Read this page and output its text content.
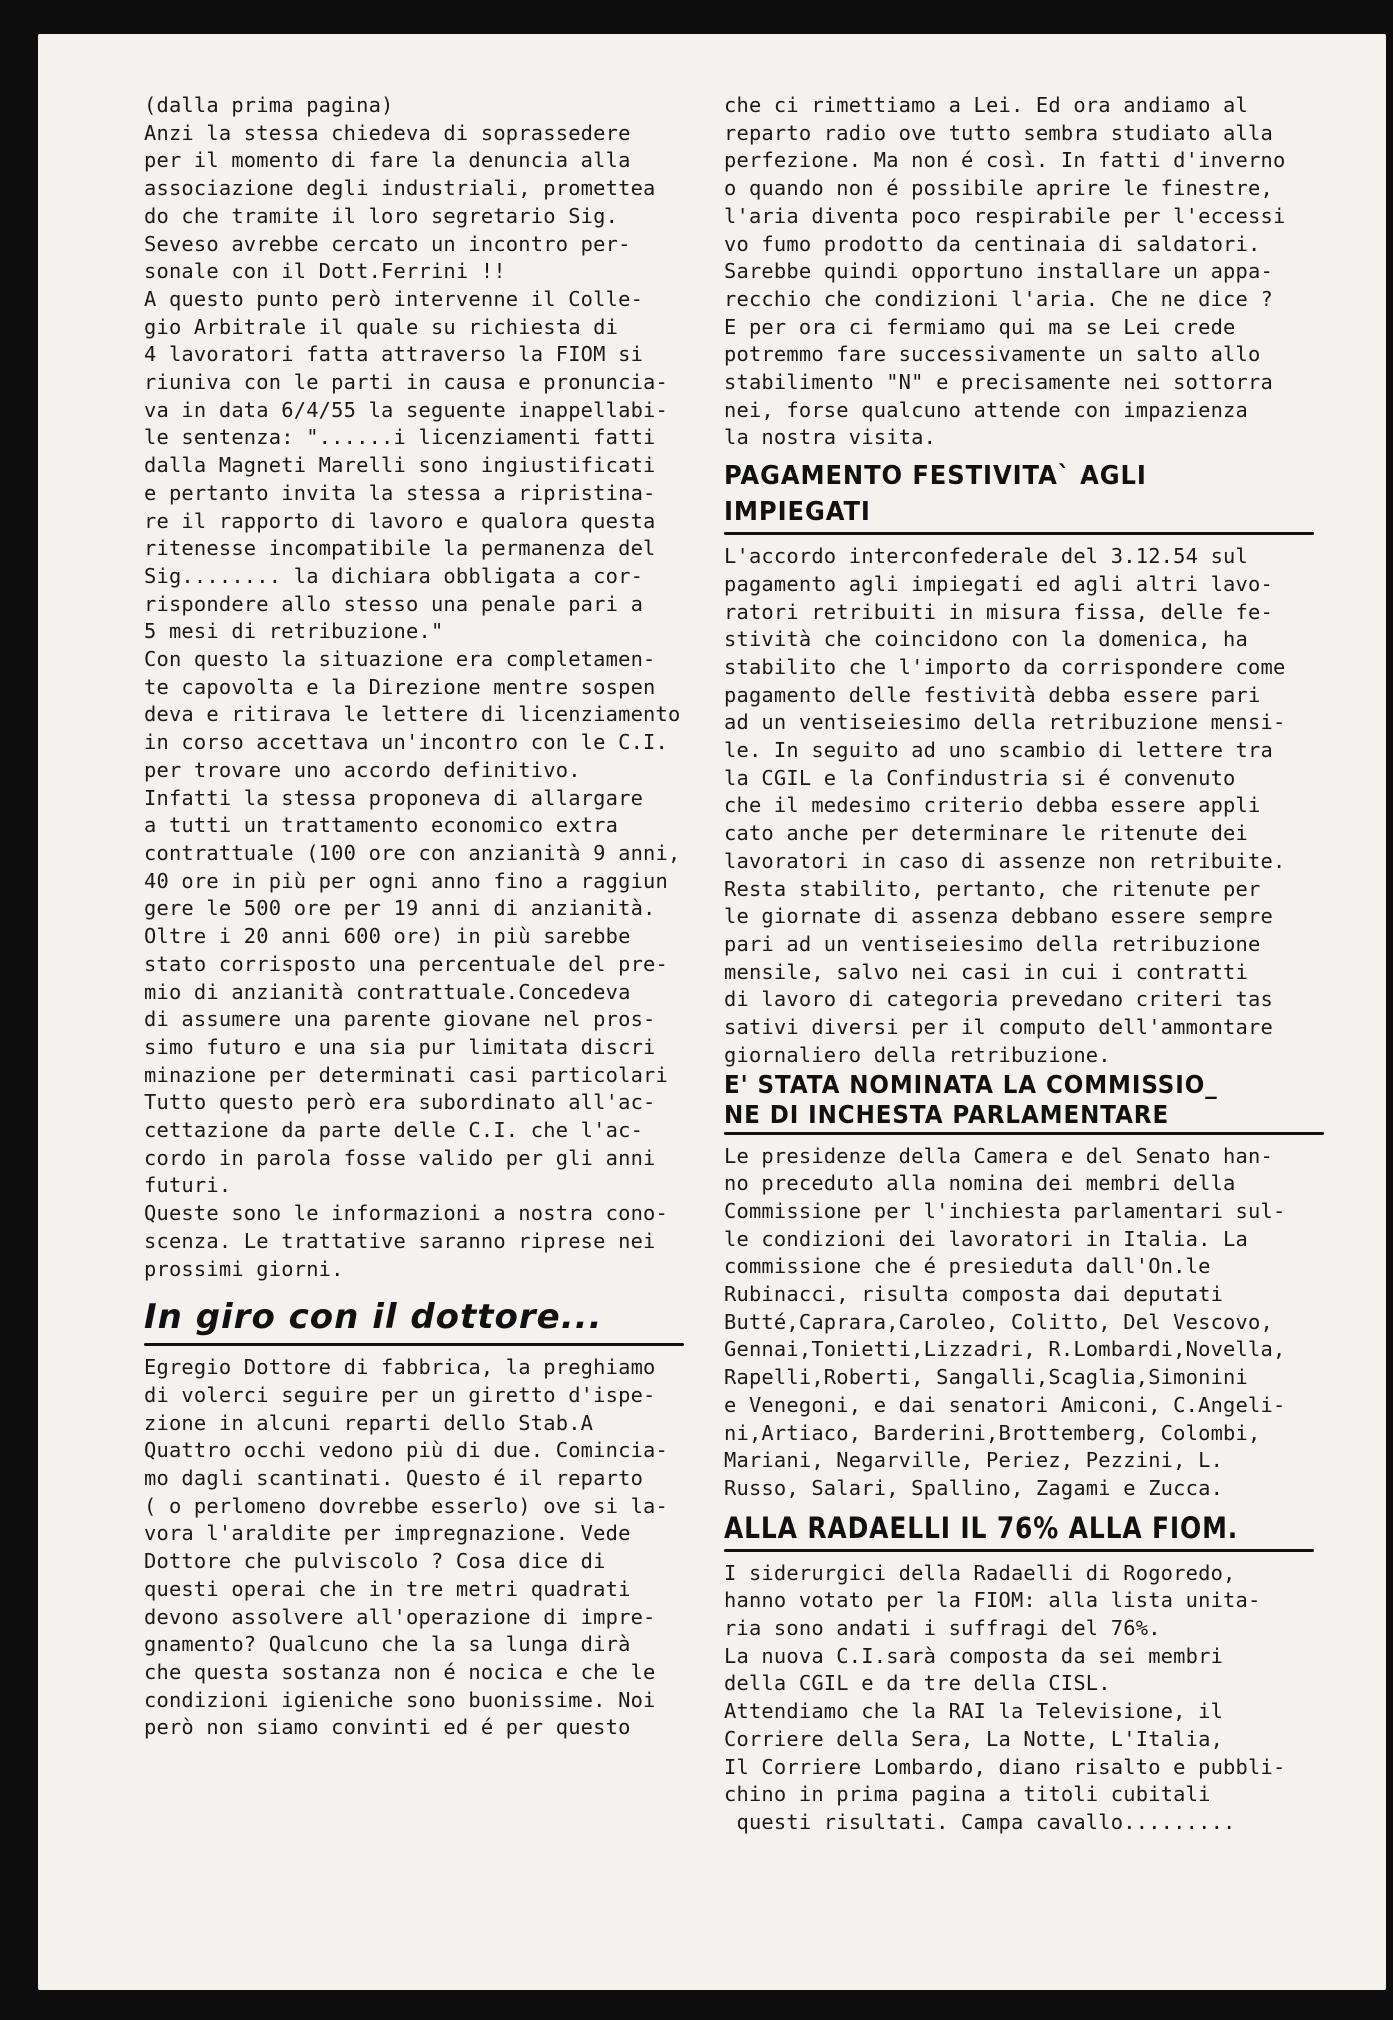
(dalla prima pagina)
Anzi la stessa chiedeva di soprassedere
per il momento di fare la denuncia alla
associazione degli industriali, promettea
do che tramite il loro segretario Sig.
Seveso avrebbe cercato un incontro per-
sonale con il Dott.Ferrini !!
A questo punto però intervenne il Colle-
gio Arbitrale il quale su richiesta di
4 lavoratori fatta attraverso la FIOM si
riuniva con le parti in causa e pronuncia-
va in data 6/4/55 la seguente inappellabi-
le sentenza: "......i licenziamenti fatti
dalla Magneti Marelli sono ingiustificati
e pertanto invita la stessa a ripristina-
re il rapporto di lavoro e qualora questa
ritenesse incompatibile la permanenza del
Sig........ la dichiara obbligata a cor-
rispondere allo stesso una penale pari a
5 mesi di retribuzione."
Con questo la situazione era completamen-
te capovolta e la Direzione mentre sospen
deva e ritirava le lettere di licenziamento
in corso accettava un'incontro con le C.I.
per trovare uno accordo definitivo.
Infatti la stessa proponeva di allargare
a tutti un trattamento economico extra
contrattuale (100 ore con anzianità 9 anni,
40 ore in più per ogni anno fino a raggiun
gere le 500 ore per 19 anni di anzianità.
Oltre i 20 anni 600 ore) in più sarebbe
stato corrisposto una percentuale del pre-
mio di anzianità contrattuale.Concedeva
di assumere una parente giovane nel pros-
simo futuro e una sia pur limitata discri
minazione per determinati casi particolari
Tutto questo però era subordinato all'ac-
cettazione da parte delle C.I. che l'ac-
cordo in parola fosse valido per gli anni
futuri.
Queste sono le informazioni a nostra cono-
scenza. Le trattative saranno riprese nei
prossimi giorni.
In giro con il dottore...
Egregio Dottore di fabbrica, la preghiamo
di volerci seguire per un giretto d'ispe-
zione in alcuni reparti dello Stab.A
Quattro occhi vedono più di due. Comincia-
mo dagli scantinati. Questo é il reparto
( o perlomeno dovrebbe esserlo) ove si la-
vora l'araldite per impregnazione. Vede
Dottore che pulviscolo ? Cosa dice di
questi operai che in tre metri quadrati
devono assolvere all'operazione di impre-
gnamento? Qualcuno che la sa lunga dirà
che questa sostanza non é nocica e che le
condizioni igieniche sono buonissime. Noi
però non siamo convinti ed é per questo
che ci rimettiamo a Lei. Ed ora andiamo al
reparto radio ove tutto sembra studiato alla
perfezione. Ma non é così. In fatti d'inverno
o quando non é possibile aprire le finestre,
l'aria diventa poco respirabile per l'eccessi
vo fumo prodotto da centinaia di saldatori.
Sarebbe quindi opportuno installare un appa-
recchio che condizioni l'aria. Che ne dice ?
E per ora ci fermiamo qui ma se Lei crede
potremmo fare successivamente un salto allo
stabilimento "N" e precisamente nei sottorra
nei, forse qualcuno attende con impazienza
la nostra visita.
PAGAMENTO FESTIVITA` AGLI IMPIEGATI
L'accordo interconfederale del 3.12.54 sul
pagamento agli impiegati ed agli altri lavo-
ratori retribuiti in misura fissa, delle fe-
stività che coincidono con la domenica, ha
stabilito che l'importo da corrispondere come
pagamento delle festività debba essere pari
ad un ventiseiesimo della retribuzione mensi-
le. In seguito ad uno scambio di lettere tra
la CGIL e la Confindustria si é convenuto
che il medesimo criterio debba essere appli
cato anche per determinare le ritenute dei
lavoratori in caso di assenze non retribuite.
Resta stabilito, pertanto, che ritenute per
le giornate di assenza debbano essere sempre
pari ad un ventiseiesimo della retribuzione
mensile, salvo nei casi in cui i contratti
di lavoro di categoria prevedano criteri tas
sativi diversi per il computo dell'ammontare
giornaliero della retribuzione.
E' STATA NOMINATA LA COMMISSIO_
NE DI INCHESTA PARLAMENTARE
Le presidenze della Camera e del Senato han-
no preceduto alla nomina dei membri della
Commissione per l'inchiesta parlamentari sul-
le condizioni dei lavoratori in Italia. La
commissione che é presieduta dall'On.le
Rubinacci, risulta composta dai deputati
Butté,Caprara,Caroleo, Colitto, Del Vescovo,
Gennai,Tonietti,Lizzadri, R.Lombardi,Novella,
Rapelli,Roberti, Sangalli,Scaglia,Simonini
e Venegoni, e dai senatori Amiconi, C.Angeli-
ni,Artiaco, Barderini,Brottemberg, Colombi,
Mariani, Negarville, Periez, Pezzini, L.
Russo, Salari, Spallino, Zagami e Zucca.
ALLA RADAELLI IL 76% ALLA FIOM.
I siderurgici della Radaelli di Rogoredo,
hanno votato per la FIOM: alla lista unita-
ria sono andati i suffragi del 76%.
La nuova C.I.sarà composta da sei membri
della CGIL e da tre della CISL.
Attendiamo che la RAI la Televisione, il
Corriere della Sera, La Notte, L'Italia,
Il Corriere Lombardo, diano risalto e pubbli-
chino in prima pagina a titoli cubitali
questi risultati. Campa cavallo.........
